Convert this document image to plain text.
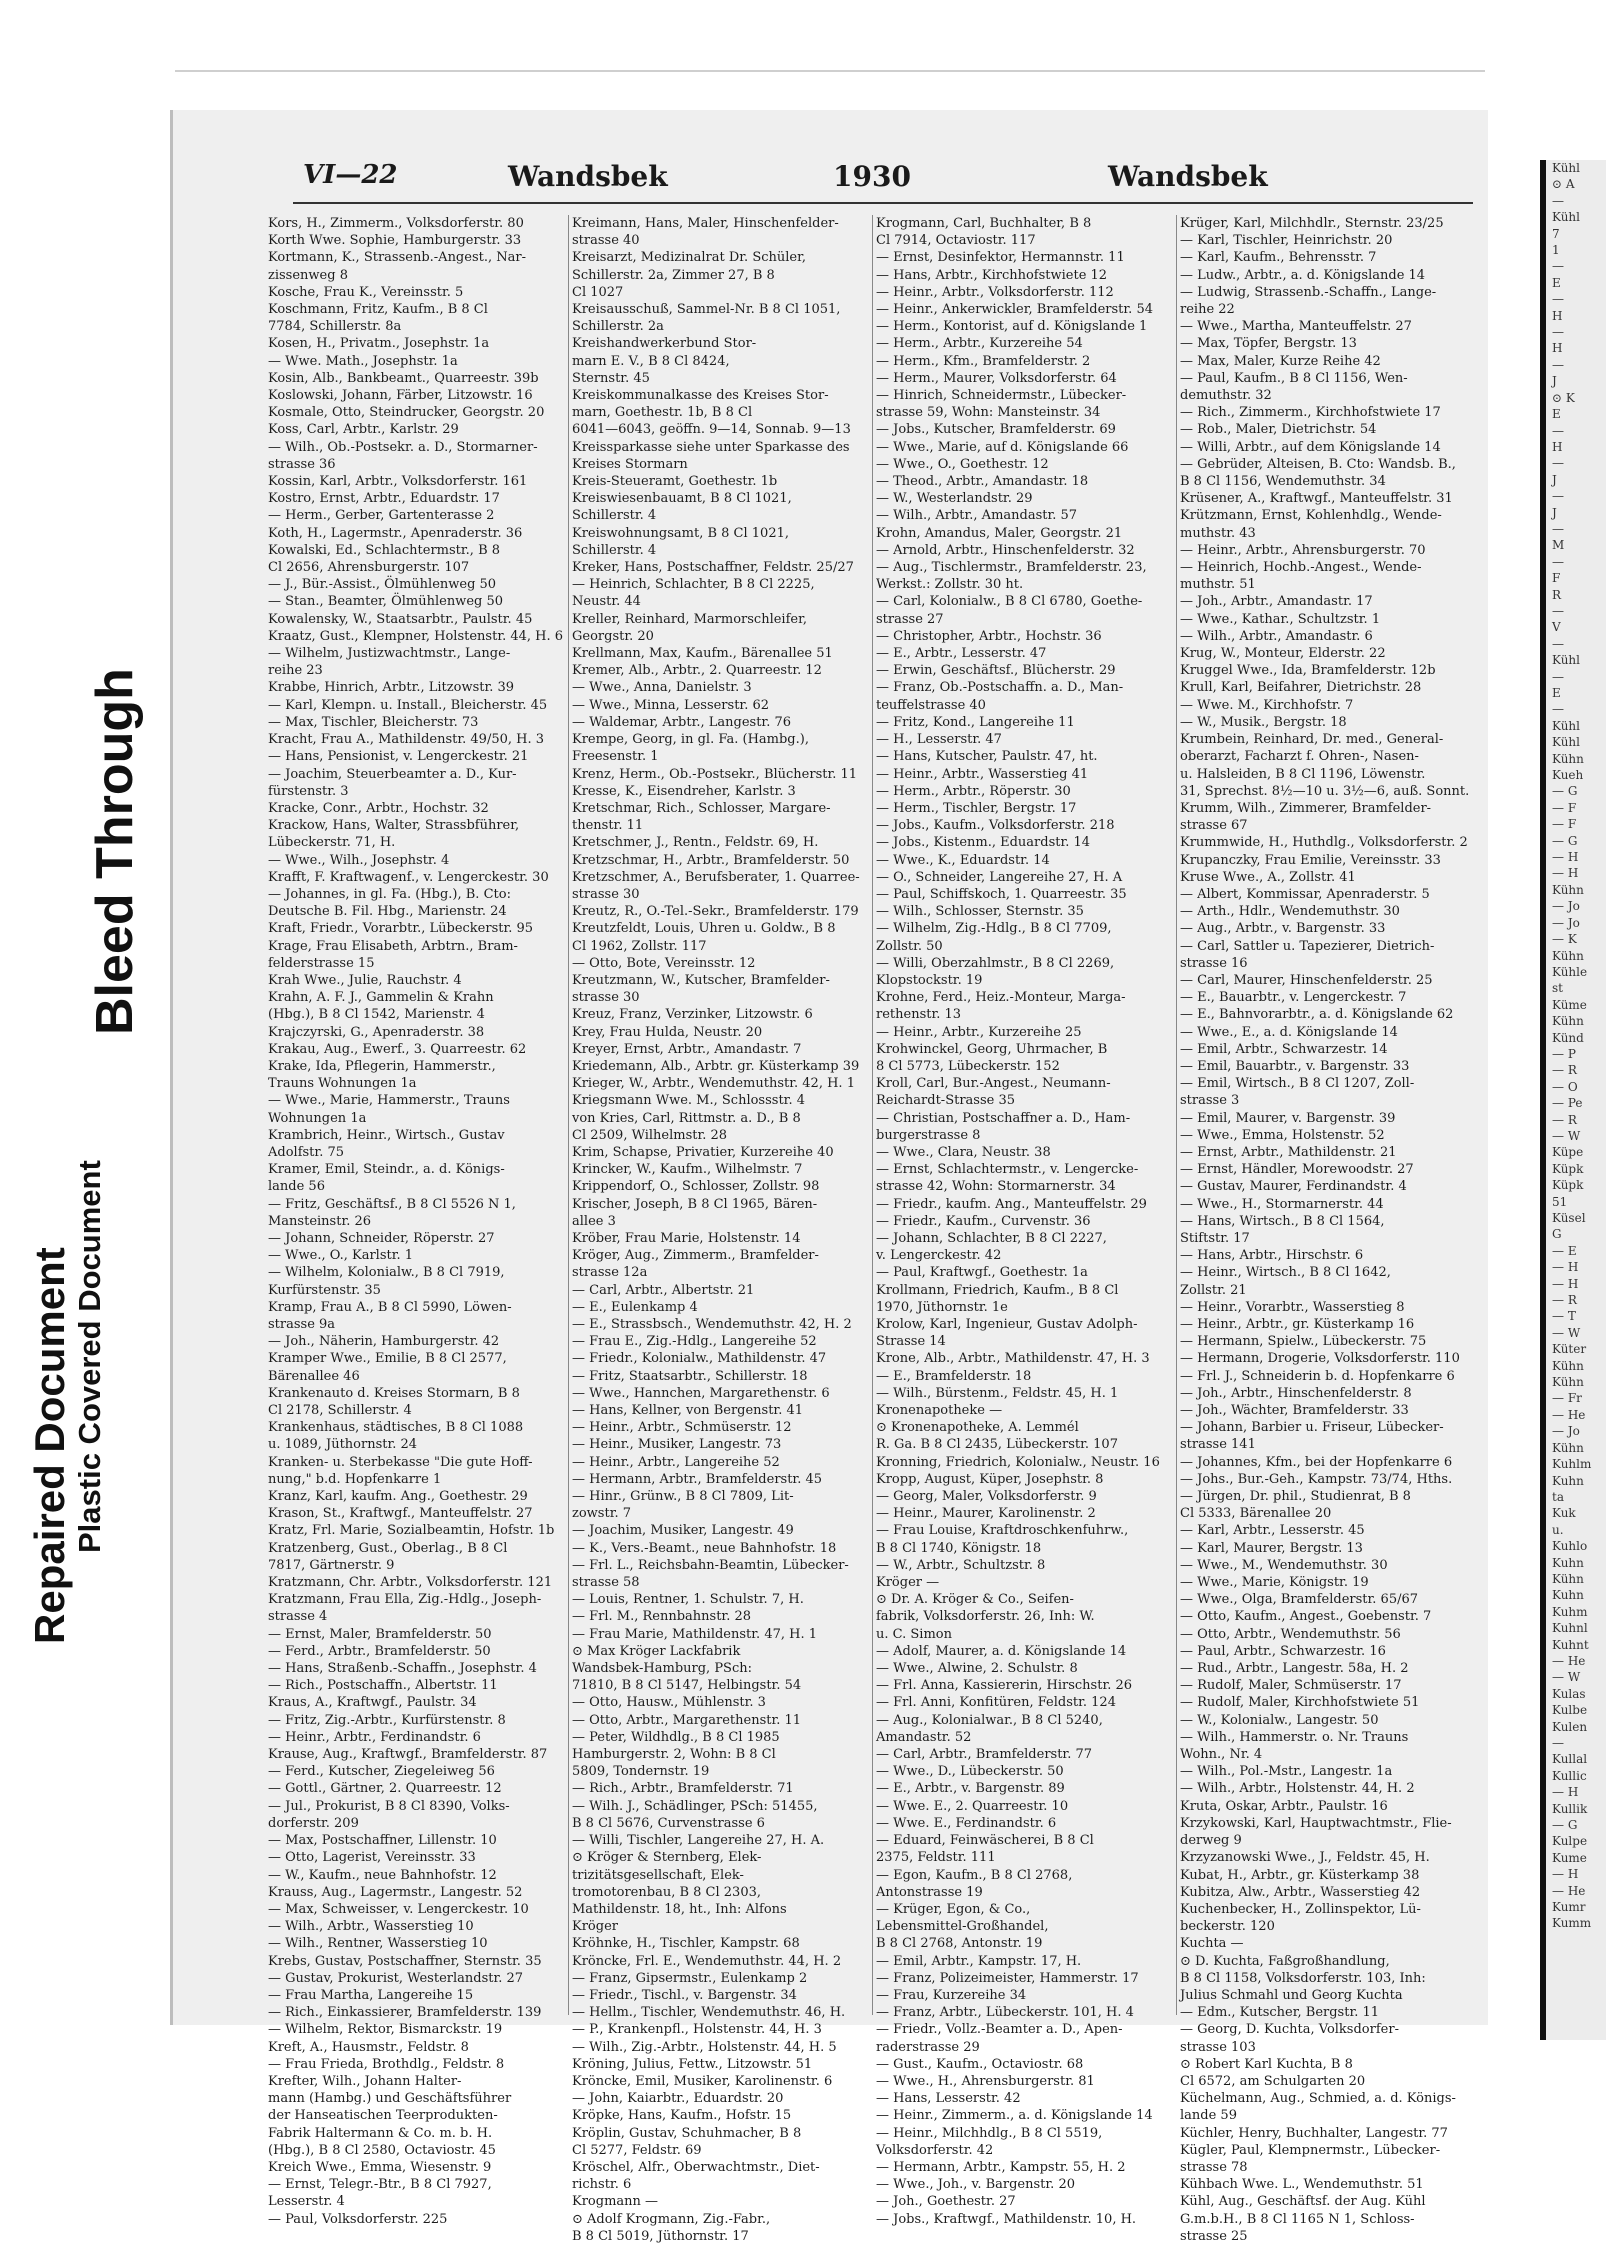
Repaired Document Plastic Covered Document
Bleed Through
VI—22	Wandsbek	1930	Wandsbek
Kors, H., Zimmerm., Volksdorferstr. 80
Korth Wwe. Sophie, Hamburgerstr. 33
Kortmann, K., Strassenb.-Angest., Nar-
zissenweg 8
Kosche, Frau K., Vereinsstr. 5
Koschmann, Fritz, Kaufm., B 8 Cl
7784, Schillerstr. 8a
Kosen, H., Privatm., Josephstr. 1a
— Wwe. Math., Josephstr. 1a
Kosin, Alb., Bankbeamt., Quarreestr. 39b
Koslowski, Johann, Färber, Litzowstr. 16
Kosmale, Otto, Steindrucker, Georgstr. 20
Koss, Carl, Arbtr., Karlstr. 29
— Wilh., Ob.-Postsekr. a. D., Stormarner-
strasse 36
Kossin, Karl, Arbtr., Volksdorferstr. 161
Kostro, Ernst, Arbtr., Eduardstr. 17
— Herm., Gerber, Gartenterasse 2
Koth, H., Lagermstr., Apenraderstr. 36
Kowalski, Ed., Schlachtermstr., B 8
Cl 2656, Ahrensburgerstr. 107
— J., Bür.-Assist., Ölmühlenweg 50
— Stan., Beamter, Ölmühlenweg 50
Kowalensky, W., Staatsarbtr., Paulstr. 45
Kraatz, Gust., Klempner, Holstenstr. 44, H. 6
— Wilhelm, Justizwachtmstr., Lange-
reihe 23
Krabbe, Hinrich, Arbtr., Litzowstr. 39
— Karl, Klempn. u. Install., Bleicherstr. 45
— Max, Tischler, Bleicherstr. 73
Kracht, Frau A., Mathildenstr. 49/50, H. 3
— Hans, Pensionist, v. Lengerckestr. 21
— Joachim, Steuerbeamter a. D., Kur-
fürstenstr. 3
Kracke, Conr., Arbtr., Hochstr. 32
Krackow, Hans, Walter, Strassbführer,
Lübeckerstr. 71, H.
— Wwe., Wilh., Josephstr. 4
Krafft, F. Kraftwagenf., v. Lengerckestr. 30
— Johannes, in gl. Fa. (Hbg.), B. Cto:
Deutsche B. Fil. Hbg., Marienstr. 24
Kraft, Friedr., Vorarbtr., Lübeckerstr. 95
Krage, Frau Elisabeth, Arbtrn., Bram-
felderstrasse 15
Krah Wwe., Julie, Rauchstr. 4
Krahn, A. F. J., Gammelin & Krahn
(Hbg.), B 8 Cl 1542, Marienstr. 4
Krajczyrski, G., Apenraderstr. 38
Krakau, Aug., Ewerf., 3. Quarreestr. 62
Krake, Ida, Pflegerin, Hammerstr.,
Trauns Wohnungen 1a
— Wwe., Marie, Hammerstr., Trauns
Wohnungen 1a
Krambrich, Heinr., Wirtsch., Gustav
Adolfstr. 75
Kramer, Emil, Steindr., a. d. Königs-
lande 56
— Fritz, Geschäftsf., B 8 Cl 5526 N 1,
Mansteinstr. 26
— Johann, Schneider, Röperstr. 27
— Wwe., O., Karlstr. 1
— Wilhelm, Kolonialw., B 8 Cl 7919,
Kurfürstenstr. 35
Kramp, Frau A., B 8 Cl 5990, Löwen-
strasse 9a
— Joh., Näherin, Hamburgerstr. 42
Kramper Wwe., Emilie, B 8 Cl 2577,
Bärenallee 46
Krankenauto d. Kreises Stormarn, B 8
Cl 2178, Schillerstr. 4
Krankenhaus, städtisches, B 8 Cl 1088
u. 1089, Jüthornstr. 24
Kranken- u. Sterbekasse "Die gute Hoff-
nung," b.d. Hopfenkarre 1
Kranz, Karl, kaufm. Ang., Goethestr. 29
Krason, St., Kraftwgf., Manteuffelstr. 27
Kratz, Frl. Marie, Sozialbeamtin, Hofstr. 1b
Kratzenberg, Gust., Oberlag., B 8 Cl
7817, Gärtnerstr. 9
Kratzmann, Chr. Arbtr., Volksdorferstr. 121
Kratzmann, Frau Ella, Zig.-Hdlg., Joseph-
strasse 4
— Ernst, Maler, Bramfelderstr. 50
— Ferd., Arbtr., Bramfelderstr. 50
— Hans, Straßenb.-Schaffn., Josephstr. 4
— Rich., Postschaffn., Albertstr. 11
Kraus, A., Kraftwgf., Paulstr. 34
— Fritz, Zig.-Arbtr., Kurfürstenstr. 8
— Heinr., Arbtr., Ferdinandstr. 6
Krause, Aug., Kraftwgf., Bramfelderstr. 87
— Ferd., Kutscher, Ziegeleiweg 56
— Gottl., Gärtner, 2. Quarreestr. 12
— Jul., Prokurist, B 8 Cl 8390, Volks-
dorferstr. 209
— Max, Postschaffner, Lillenstr. 10
— Otto, Lagerist, Vereinsstr. 33
— W., Kaufm., neue Bahnhofstr. 12
Krauss, Aug., Lagermstr., Langestr. 52
— Max, Schweisser, v. Lengerckestr. 10
— Wilh., Arbtr., Wasserstieg 10
— Wilh., Rentner, Wasserstieg 10
Krebs, Gustav, Postschaffner, Sternstr. 35
— Gustav, Prokurist, Westerlandstr. 27
— Frau Martha, Langereihe 15
— Rich., Einkassierer, Bramfelderstr. 139
— Wilhelm, Rektor, Bismarckstr. 19
Kreft, A., Hausmstr., Feldstr. 8
— Frau Frieda, Brothdlg., Feldstr. 8
Krefter, Wilh., Johann Halter-
mann (Hambg.) und Geschäftsführer
der Hanseatischen Teerprodukten-
Fabrik Haltermann & Co. m. b. H.
(Hbg.), B 8 Cl 2580, Octaviostr. 45
Kreich Wwe., Emma, Wiesenstr. 9
— Ernst, Telegr.-Btr., B 8 Cl 7927,
Lesserstr. 4
— Paul, Volksdorferstr. 225
Kreimann, Hans, Maler, Hinschenfelder-
strasse 40
Kreisarzt, Medizinalrat Dr. Schüler,
Schillerstr. 2a, Zimmer 27, B 8
Cl 1027
Kreisausschuß, Sammel-Nr. B 8 Cl 1051,
Schillerstr. 2a
Kreishandwerkerbund Stor-
marn E. V., B 8 Cl 8424,
Sternstr. 45
Kreiskommunalkasse des Kreises Stor-
marn, Goethestr. 1b, B 8 Cl
6041—6043, geöffn. 9—14, Sonnab. 9—13
Kreissparkasse siehe unter Sparkasse des
Kreises Stormarn
Kreis-Steueramt, Goethestr. 1b
Kreiswiesenbauamt, B 8 Cl 1021,
Schillerstr. 4
Kreiswohnungsamt, B 8 Cl 1021,
Schillerstr. 4
Kreker, Hans, Postschaffner, Feldstr. 25/27
— Heinrich, Schlachter, B 8 Cl 2225,
Neustr. 44
Kreller, Reinhard, Marmorschleifer,
Georgstr. 20
Krellmann, Max, Kaufm., Bärenallee 51
Kremer, Alb., Arbtr., 2. Quarreestr. 12
— Wwe., Anna, Danielstr. 3
— Wwe., Minna, Lesserstr. 62
— Waldemar, Arbtr., Langestr. 76
Krempe, Georg, in gl. Fa. (Hambg.),
Freesenstr. 1
Krenz, Herm., Ob.-Postsekr., Blücherstr. 11
Kresse, K., Eisendreher, Karlstr. 3
Kretschmar, Rich., Schlosser, Margare-
thenstr. 11
Kretschmer, J., Rentn., Feldstr. 69, H.
Kretzschmar, H., Arbtr., Bramfelderstr. 50
Kretzschmer, A., Berufsberater, 1. Quarree-
strasse 30
Kreutz, R., O.-Tel.-Sekr., Bramfelderstr. 179
Kreutzfeldt, Louis, Uhren u. Goldw., B 8
Cl 1962, Zollstr. 117
— Otto, Bote, Vereinsstr. 12
Kreutzmann, W., Kutscher, Bramfelder-
strasse 30
Kreuz, Franz, Verzinker, Litzowstr. 6
Krey, Frau Hulda, Neustr. 20
Kreyer, Ernst, Arbtr., Amandastr. 7
Kriedemann, Alb., Arbtr. gr. Küsterkamp 39
Krieger, W., Arbtr., Wendemuthstr. 42, H. 1
Kriegsmann Wwe. M., Schlossstr. 4
von Kries, Carl, Rittmstr. a. D., B 8
Cl 2509, Wilhelmstr. 28
Krim, Schapse, Privatier, Kurzereihe 40
Krincker, W., Kaufm., Wilhelmstr. 7
Krippendorf, O., Schlosser, Zollstr. 98
Krischer, Joseph, B 8 Cl 1965, Bären-
allee 3
Kröber, Frau Marie, Holstenstr. 14
Kröger, Aug., Zimmerm., Bramfelder-
strasse 12a
— Carl, Arbtr., Albertstr. 21
— E., Eulenkamp 4
— E., Strassbsch., Wendemuthstr. 42, H. 2
— Frau E., Zig.-Hdlg., Langereihe 52
— Friedr., Kolonialw., Mathildenstr. 47
— Fritz, Staatsarbtr., Schillerstr. 18
— Wwe., Hannchen, Margarethenstr. 6
— Hans, Kellner, von Bergenstr. 41
— Heinr., Arbtr., Schmüserstr. 12
— Heinr., Musiker, Langestr. 73
— Heinr., Arbtr., Langereihe 52
— Hermann, Arbtr., Bramfelderstr. 45
— Hinr., Grünw., B 8 Cl 7809, Lit-
zowstr. 7
— Joachim, Musiker, Langestr. 49
— K., Vers.-Beamt., neue Bahnhofstr. 18
— Frl. L., Reichsbahn-Beamtin, Lübecker-
strasse 58
— Louis, Rentner, 1. Schulstr. 7, H.
— Frl. M., Rennbahnstr. 28
— Frau Marie, Mathildenstr. 47, H. 1
⊙ Max Kröger Lackfabrik
Wandsbek-Hamburg, PSch:
71810, B 8 Cl 5147, Helbingstr. 54
— Otto, Hausw., Mühlenstr. 3
— Otto, Arbtr., Margarethenstr. 11
— Peter, Wildhdlg., B 8 Cl 1985
Hamburgerstr. 2, Wohn: B 8 Cl
5809, Tondernstr. 19
— Rich., Arbtr., Bramfelderstr. 71
— Wilh. J., Schädlinger, PSch: 51455,
B 8 Cl 5676, Curvenstrasse 6
— Willi, Tischler, Langereihe 27, H. A.
⊙ Kröger & Sternberg, Elek-
trizitätsgesellschaft, Elek-
tromotorenbau, B 8 Cl 2303,
Mathildenstr. 18, ht., Inh: Alfons
Kröger
Kröhnke, H., Tischler, Kampstr. 68
Kröncke, Frl. E., Wendemuthstr. 44, H. 2
— Franz, Gipsermstr., Eulenkamp 2
— Friedr., Tischl., v. Bargenstr. 34
— Hellm., Tischler, Wendemuthstr. 46, H.
— P., Krankenpfl., Holstenstr. 44, H. 3
— Wilh., Zig.-Arbtr., Holstenstr. 44, H. 5
Kröning, Julius, Fettw., Litzowstr. 51
Kröncke, Emil, Musiker, Karolinenstr. 6
— John, Kaiarbtr., Eduardstr. 20
Kröpke, Hans, Kaufm., Hofstr. 15
Kröplin, Gustav, Schuhmacher, B 8
Cl 5277, Feldstr. 69
Kröschel, Alfr., Oberwachtmstr., Diet-
richstr. 6
Krogmann —
⊙ Adolf Krogmann, Zig.-Fabr.,
B 8 Cl 5019, Jüthornstr. 17
Krogmann, Carl, Buchhalter, B 8
Cl 7914, Octaviostr. 117
— Ernst, Desinfektor, Hermannstr. 11
— Hans, Arbtr., Kirchhofstwiete 12
— Heinr., Arbtr., Volksdorferstr. 112
— Heinr., Ankerwickler, Bramfelderstr. 54
— Herm., Kontorist, auf d. Königslande 1
— Herm., Arbtr., Kurzereihe 54
— Herm., Kfm., Bramfelderstr. 2
— Herm., Maurer, Volksdorferstr. 64
— Hinrich, Schneidermstr., Lübecker-
strasse 59, Wohn: Mansteinstr. 34
— Jobs., Kutscher, Bramfelderstr. 69
— Wwe., Marie, auf d. Königslande 66
— Wwe., O., Goethestr. 12
— Theod., Arbtr., Amandastr. 18
— W., Westerlandstr. 29
— Wilh., Arbtr., Amandastr. 57
Krohn, Amandus, Maler, Georgstr. 21
— Arnold, Arbtr., Hinschenfelderstr. 32
— Aug., Tischlermstr., Bramfelderstr. 23,
Werkst.: Zollstr. 30 ht.
— Carl, Kolonialw., B 8 Cl 6780, Goethe-
strasse 27
— Christopher, Arbtr., Hochstr. 36
— E., Arbtr., Lesserstr. 47
— Erwin, Geschäftsf., Blücherstr. 29
— Franz, Ob.-Postschaffn. a. D., Man-
teuffelstrasse 40
— Fritz, Kond., Langereihe 11
— H., Lesserstr. 47
— Hans, Kutscher, Paulstr. 47, ht.
— Heinr., Arbtr., Wasserstieg 41
— Herm., Arbtr., Röperstr. 30
— Herm., Tischler, Bergstr. 17
— Jobs., Kaufm., Volksdorferstr. 218
— Jobs., Kistenm., Eduardstr. 14
— Wwe., K., Eduardstr. 14
— O., Schneider, Langereihe 27, H. A
— Paul, Schiffskoch, 1. Quarreestr. 35
— Wilh., Schlosser, Sternstr. 35
— Wilhelm, Zig.-Hdlg., B 8 Cl 7709,
Zollstr. 50
— Willi, Oberzahlmstr., B 8 Cl 2269,
Klopstockstr. 19
Krohne, Ferd., Heiz.-Monteur, Marga-
rethenstr. 13
— Heinr., Arbtr., Kurzereihe 25
Krohwinckel, Georg, Uhrmacher, B
8 Cl 5773, Lübeckerstr. 152
Kroll, Carl, Bur.-Angest., Neumann-
Reichardt-Strasse 35
— Christian, Postschaffner a. D., Ham-
burgerstrasse 8
— Wwe., Clara, Neustr. 38
— Ernst, Schlachtermstr., v. Lengercke-
strasse 42, Wohn: Stormarnerstr. 34
— Friedr., kaufm. Ang., Manteuffelstr. 29
— Friedr., Kaufm., Curvenstr. 36
— Johann, Schlachter, B 8 Cl 2227,
v. Lengerckestr. 42
— Paul, Kraftwgf., Goethestr. 1a
Krollmann, Friedrich, Kaufm., B 8 Cl
1970, Jüthornstr. 1e
Krolow, Karl, Ingenieur, Gustav Adolph-
Strasse 14
Krone, Alb., Arbtr., Mathildenstr. 47, H. 3
— E., Bramfelderstr. 18
— Wilh., Bürstenm., Feldstr. 45, H. 1
Kronenapotheke —
⊙ Kronenapotheke, A. Lemmél
R. Ga. B 8 Cl 2435, Lübeckerstr. 107
Kronning, Friedrich, Kolonialw., Neustr. 16
Kropp, August, Küper, Josephstr. 8
— Georg, Maler, Volksdorferstr. 9
— Heinr., Maurer, Karolinenstr. 2
— Frau Louise, Kraftdroschkenfuhrw.,
B 8 Cl 1740, Königstr. 18
— W., Arbtr., Schultzstr. 8
Kröger —
⊙ Dr. A. Kröger & Co., Seifen-
fabrik, Volksdorferstr. 26, Inh: W.
u. C. Simon
— Adolf, Maurer, a. d. Königslande 14
— Wwe., Alwine, 2. Schulstr. 8
— Frl. Anna, Kassiererin, Hirschstr. 26
— Frl. Anni, Konfitüren, Feldstr. 124
— Aug., Kolonialwar., B 8 Cl 5240,
Amandastr. 52
— Carl, Arbtr., Bramfelderstr. 77
— Wwe., D., Lübeckerstr. 50
— E., Arbtr., v. Bargenstr. 89
— Wwe. E., 2. Quarreestr. 10
— Wwe. E., Ferdinandstr. 6
— Eduard, Feinwäscherei, B 8 Cl
2375, Feldstr. 111
— Egon, Kaufm., B 8 Cl 2768,
Antonstrasse 19
— Krüger, Egon, & Co.,
Lebensmittel-Großhandel,
B 8 Cl 2768, Antonstr. 19
— Emil, Arbtr., Kampstr. 17, H.
— Franz, Polizeimeister, Hammerstr. 17
— Frau, Kurzereihe 34
— Franz, Arbtr., Lübeckerstr. 101, H. 4
— Friedr., Vollz.-Beamter a. D., Apen-
raderstrasse 29
— Gust., Kaufm., Octaviostr. 68
— Wwe., H., Ahrensburgerstr. 81
— Hans, Lesserstr. 42
— Heinr., Zimmerm., a. d. Königslande 14
— Heinr., Milchhdlg., B 8 Cl 5519,
Volksdorferstr. 42
— Hermann, Arbtr., Kampstr. 55, H. 2
— Wwe., Joh., v. Bargenstr. 20
— Joh., Goethestr. 27
— Jobs., Kraftwgf., Mathildenstr. 10, H.
Krüger, Karl, Milchhdlr., Sternstr. 23/25
— Karl, Tischler, Heinrichstr. 20
— Karl, Kaufm., Behrensstr. 7
— Ludw., Arbtr., a. d. Königslande 14
— Ludwig, Strassenb.-Schaffn., Lange-
reihe 22
— Wwe., Martha, Manteuffelstr. 27
— Max, Töpfer, Bergstr. 13
— Max, Maler, Kurze Reihe 42
— Paul, Kaufm., B 8 Cl 1156, Wen-
demuthstr. 32
— Rich., Zimmerm., Kirchhofstwiete 17
— Rob., Maler, Dietrichstr. 54
— Willi, Arbtr., auf dem Königslande 14
— Gebrüder, Alteisen, B. Cto: Wandsb. B.,
B 8 Cl 1156, Wendemuthstr. 34
Krüsener, A., Kraftwgf., Manteuffelstr. 31
Krützmann, Ernst, Kohlenhdlg., Wende-
muthstr. 43
— Heinr., Arbtr., Ahrensburgerstr. 70
— Heinrich, Hochb.-Angest., Wende-
muthstr. 51
— Joh., Arbtr., Amandastr. 17
— Wwe., Kathar., Schultzstr. 1
— Wilh., Arbtr., Amandastr. 6
Krug, W., Monteur, Elderstr. 22
Kruggel Wwe., Ida, Bramfelderstr. 12b
Krull, Karl, Beifahrer, Dietrichstr. 28
— Wwe. M., Kirchhofstr. 7
— W., Musik., Bergstr. 18
Krumbein, Reinhard, Dr. med., General-
oberarzt, Facharzt f. Ohren-, Nasen-
u. Halsleiden, B 8 Cl 1196, Löwenstr.
31, Sprechst. 8½—10 u. 3½—6, auß. Sonnt.
Krumm, Wilh., Zimmerer, Bramfelder-
strasse 67
Krummwide, H., Huthdlg., Volksdorferstr. 2
Krupanczky, Frau Emilie, Vereinsstr. 33
Kruse Wwe., A., Zollstr. 41
— Albert, Kommissar, Apenraderstr. 5
— Arth., Hdlr., Wendemuthstr. 30
— Aug., Arbtr., v. Bargenstr. 33
— Carl, Sattler u. Tapezierer, Dietrich-
strasse 16
— Carl, Maurer, Hinschenfelderstr. 25
— E., Bauarbtr., v. Lengerckestr. 7
— E., Bahnvorarbtr., a. d. Königslande 62
— Wwe., E., a. d. Königslande 14
— Emil, Arbtr., Schwarzestr. 14
— Emil, Bauarbtr., v. Bargenstr. 33
— Emil, Wirtsch., B 8 Cl 1207, Zoll-
strasse 3
— Emil, Maurer, v. Bargenstr. 39
— Wwe., Emma, Holstenstr. 52
— Ernst, Arbtr., Mathildenstr. 21
— Ernst, Händler, Morewoodstr. 27
— Gustav, Maurer, Ferdinandstr. 4
— Wwe., H., Stormarnerstr. 44
— Hans, Wirtsch., B 8 Cl 1564,
Stiftstr. 17
— Hans, Arbtr., Hirschstr. 6
— Heinr., Wirtsch., B 8 Cl 1642,
Zollstr. 21
— Heinr., Vorarbtr., Wasserstieg 8
— Heinr., Arbtr., gr. Küsterkamp 16
— Hermann, Spielw., Lübeckerstr. 75
— Hermann, Drogerie, Volksdorferstr. 110
— Frl. J., Schneiderin b. d. Hopfenkarre 6
— Joh., Arbtr., Hinschenfelderstr. 8
— Joh., Wächter, Bramfelderstr. 33
— Johann, Barbier u. Friseur, Lübecker-
strasse 141
— Johannes, Kfm., bei der Hopfenkarre 6
— Johs., Bur.-Geh., Kampstr. 73/74, Hths.
— Jürgen, Dr. phil., Studienrat, B 8
Cl 5333, Bärenallee 20
— Karl, Arbtr., Lesserstr. 45
— Karl, Maurer, Bergstr. 13
— Wwe., M., Wendemuthstr. 30
— Wwe., Marie, Königstr. 19
— Wwe., Olga, Bramfelderstr. 65/67
— Otto, Kaufm., Angest., Goebenstr. 7
— Otto, Arbtr., Wendemuthstr. 56
— Paul, Arbtr., Schwarzestr. 16
— Rud., Arbtr., Langestr. 58a, H. 2
— Rudolf, Maler, Schmüserstr. 17
— Rudolf, Maler, Kirchhofstwiete 51
— W., Kolonialw., Langestr. 50
— Wilh., Hammerstr. o. Nr. Trauns
Wohn., Nr. 4
— Wilh., Pol.-Mstr., Langestr. 1a
— Wilh., Arbtr., Holstenstr. 44, H. 2
Kruta, Oskar, Arbtr., Paulstr. 16
Krzykowski, Karl, Hauptwachtmstr., Flie-
derweg 9
Krzyzanowski Wwe., J., Feldstr. 45, H.
Kubat, H., Arbtr., gr. Küsterkamp 38
Kubitza, Alw., Arbtr., Wasserstieg 42
Kuchenbecker, H., Zollinspektor, Lü-
beckerstr. 120
Kuchta —
⊙ D. Kuchta, Faßgroßhandlung,
B 8 Cl 1158, Volksdorferstr. 103, Inh:
Julius Schmahl und Georg Kuchta
— Edm., Kutscher, Bergstr. 11
— Georg, D. Kuchta, Volksdorfer-
strasse 103
⊙ Robert Karl Kuchta, B 8
Cl 6572, am Schulgarten 20
Küchelmann, Aug., Schmied, a. d. Königs-
lande 59
Küchler, Henry, Buchhalter, Langestr. 77
Kügler, Paul, Klempnermstr., Lübecker-
strasse 78
Kühbach Wwe. L., Wendemuthstr. 51
Kühl, Aug., Geschäftsf. der Aug. Kühl
G.m.b.H., B 8 Cl 1165 N 1, Schloss-
strasse 25
Kühl
⊙ A
—
Kühl
7
1
—
E
—
H
—
H
—
J
⊙ K
E
—
H
—
J
—
J
—
M
—
F
R
—
V
—
Kühl
—
E
—
Kühl
Kühl
Kühn
Kueh
— G
— F
— F
— G
— H
— H
Kühn
— Jo
— Jo
— K
Kühn
Kühle
st
Küme
Kühn
Künd
— P
— R
— O
— Pe
— R
— W
Küpe
Küpk
Küpk
51
Küsel
G
— E
— H
— H
— R
— T
— W
Küter
Kühn
Kühn
— Fr
— He
— Jo
Kühn
Kuhlm
Kuhn
ta
Kuk
u.
Kuhlo
Kuhn
Kühn
Kuhn
Kuhm
Kuhnl
Kuhnt
— He
— W
Kulas
Kulbe
Kulen
—
Kullal
Kullic
— H
Kullik
— G
Kulpe
Kume
— H
— He
Kumr
Kumm
